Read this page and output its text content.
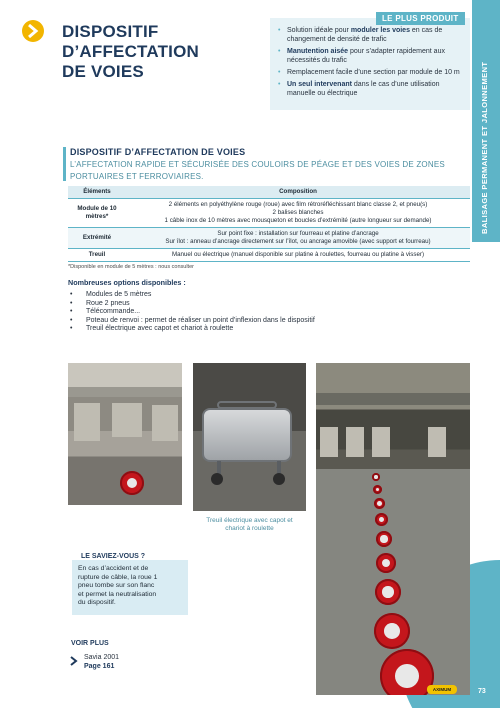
DISPOSITIF
D’AFFECTATION
DE VOIES
LE PLUS PRODUIT
• Solution idéale pour moduler les voies en cas de changement de densité de trafic
• Manutention aisée pour s’adapter rapidement aux nécessités du trafic
• Remplacement facile d’une section par module de 10 m
• Un seul intervenant dans le cas d’une utilisation manuelle ou électrique	BALISAGE PERMANENT ET JALONNEMENT
73
DISPOSITIF D’AFFECTATION DE VOIES

L’AFFECTATION RAPIDE ET SÉCURISÉE DES COULOIRS DE PÉAGE ET DES VOIES DE ZONES PORTUAIRES ET FERROVIAIRES.

Éléments	Composition
Module de 10 mètres*	2 éléments en polyéthylène rouge (roue) avec film rétroréfléchissant blanc classe 2, et pneu(s)
2 balises blanches
1 câble inox de 10 mètres avec mousqueton et boucles d’extrémité (autre longueur sur demande)

Extrémité	Sur point fixe : installation sur fourreau et platine d’ancrage
Sur îlot : anneau d’ancrage directement sur l’îlot, ou ancrage amovible (avec support et fourreau)

Treuil	Manuel ou électrique (manuel disponible sur platine à roulettes, fourreau ou platine à visser)
*Disponible en module de 5 mètres : nous consulter
Nombreuses options disponibles :
• Modules de 5 mètres
• Roue 2 pneus
• Télécommande...
• Poteau de renvoi : permet de réaliser un point d’inflexion dans le dispositif
• Treuil électrique avec capot et chariot à roulette
Treuil électrique avec capot et
chariot à roulette
LE SAVIEZ-VOUS ?
En cas d’accident et de
rupture de câble, la roue 1
pneu tombe sur son flanc
et permet la neutralisation
du dispositif.
VOIR PLUS
Savia 2001
Page 161
AXIMUM
